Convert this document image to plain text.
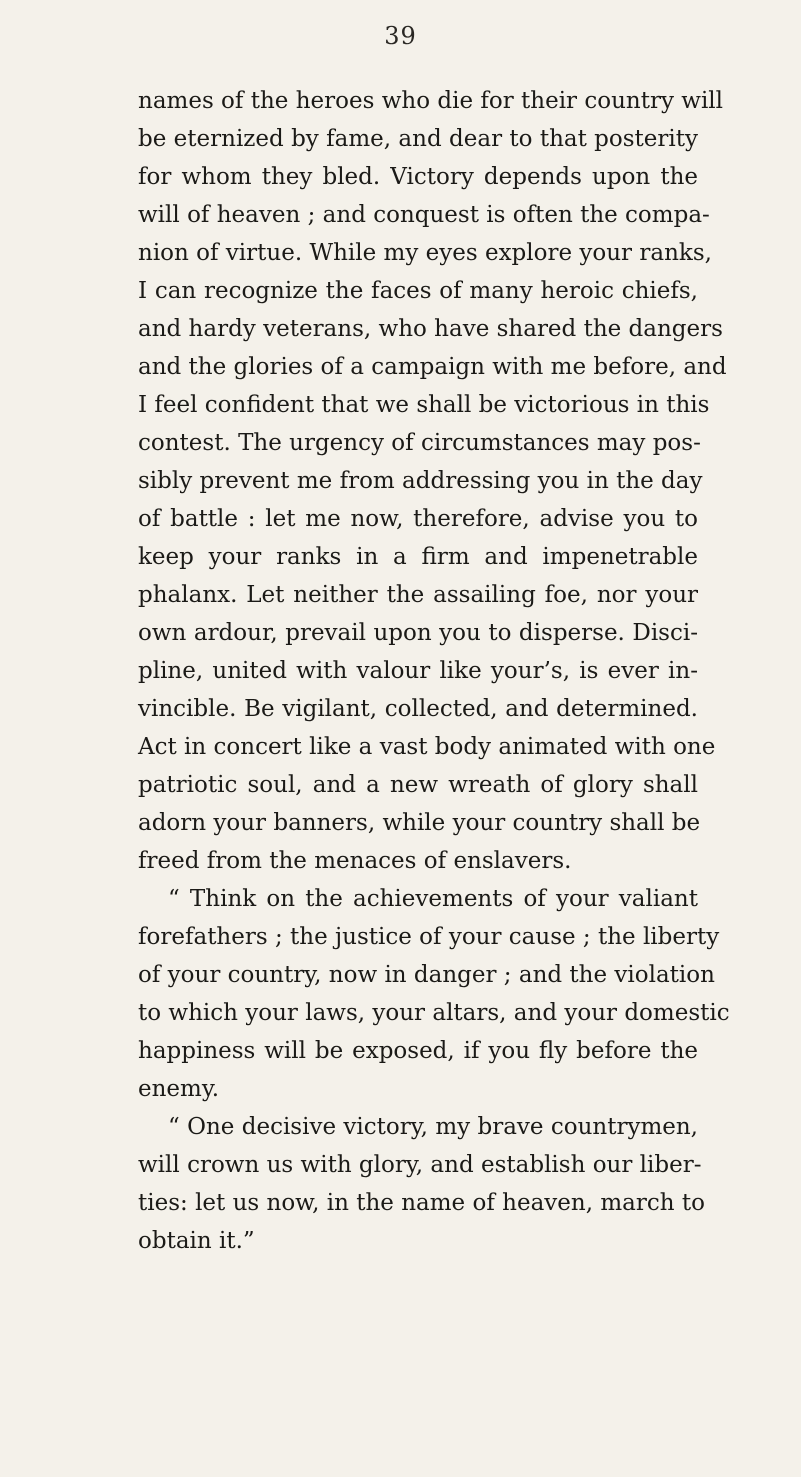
39
names of the heroes who die for their country will
be eternized by fame, and dear to that posterity
for whom they bled. Victory depends upon the
will of heaven ; and conquest is often the compa-
nion of virtue. While my eyes explore your ranks,
I can recognize the faces of many heroic chiefs,
and hardy veterans, who have shared the dangers
and the glories of a campaign with me before, and
I feel confident that we shall be victorious in this
contest. The urgency of circumstances may pos-
sibly prevent me from addressing you in the day
of battle : let me now, therefore, advise you to
keep your ranks in a firm and impenetrable
phalanx. Let neither the assailing foe, nor your
own ardour, prevail upon you to disperse. Disci-
pline, united with valour like your’s, is ever in-
vincible. Be vigilant, collected, and determined.
Act in concert like a vast body animated with one
patriotic soul, and a new wreath of glory shall
adorn your banners, while your country shall be
freed from the menaces of enslavers.
“ Think on the achievements of your valiant
forefathers ; the justice of your cause ; the liberty
of your country, now in danger ; and the violation
to which your laws, your altars, and your domestic
happiness will be exposed, if you fly before the
enemy.
“ One decisive victory, my brave countrymen,
will crown us with glory, and establish our liber-
ties: let us now, in the name of heaven, march to
obtain it.”
